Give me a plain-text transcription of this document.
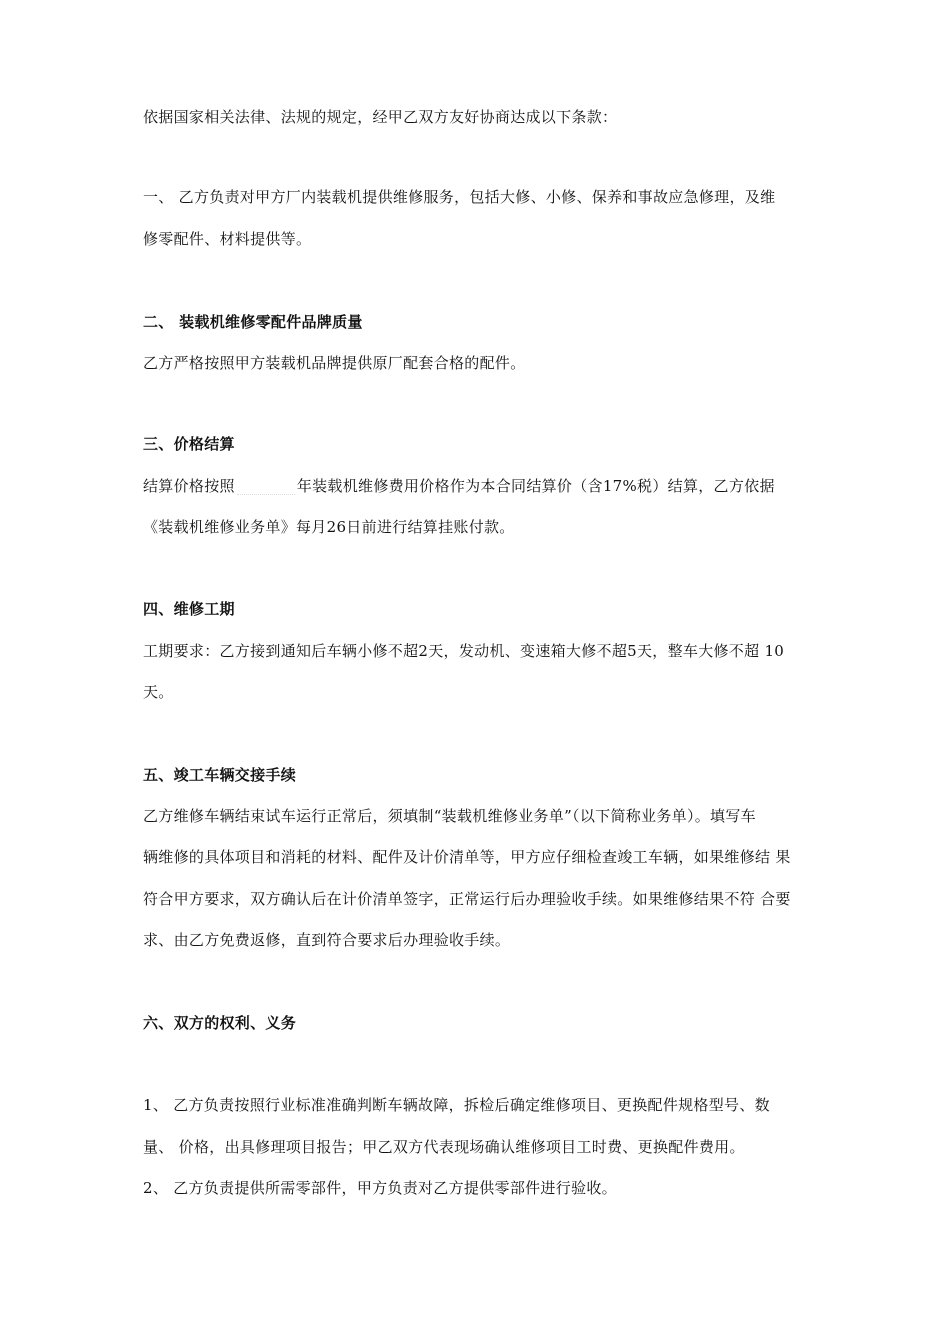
依据国家相关法律、法规的规定，经甲乙双方友好协商达成以下条款：
一、 乙方负责对甲方厂内装载机提供维修服务，包括大修、小修、保养和事故应急修理，及维
修零配件、材料提供等。
二、 装载机维修零配件品牌质量
乙方严格按照甲方装载机品牌提供原厂配套合格的配件。
三、价格结算
结算价格按照	年装载机维修费用价格作为本合同结算价（含17%税）结算，乙方依据
《装载机维修业务单》每月26日前进行结算挂账付款。
四、维修工期
工期要求：乙方接到通知后车辆小修不超2天，发动机、变速箱大修不超5天，整车大修不超 10
天。
五、竣工车辆交接手续
乙方维修车辆结束试车运行正常后，须填制“装载机维修业务单”（以下简称业务单）。填写车
辆维修的具体项目和消耗的材料、配件及计价清单等，甲方应仔细检查竣工车辆，如果维修结 果
符合甲方要求，双方确认后在计价清单签字，正常运行后办理验收手续。如果维修结果不符 合要
求、由乙方免费返修，直到符合要求后办理验收手续。
六、双方的权利、义务
1、 乙方负责按照行业标准准确判断车辆故障，拆检后确定维修项目、更换配件规格型号、数
量、 价格，出具修理项目报告；甲乙双方代表现场确认维修项目工时费、更换配件费用。
2、 乙方负责提供所需零部件，甲方负责对乙方提供零部件进行验收。
